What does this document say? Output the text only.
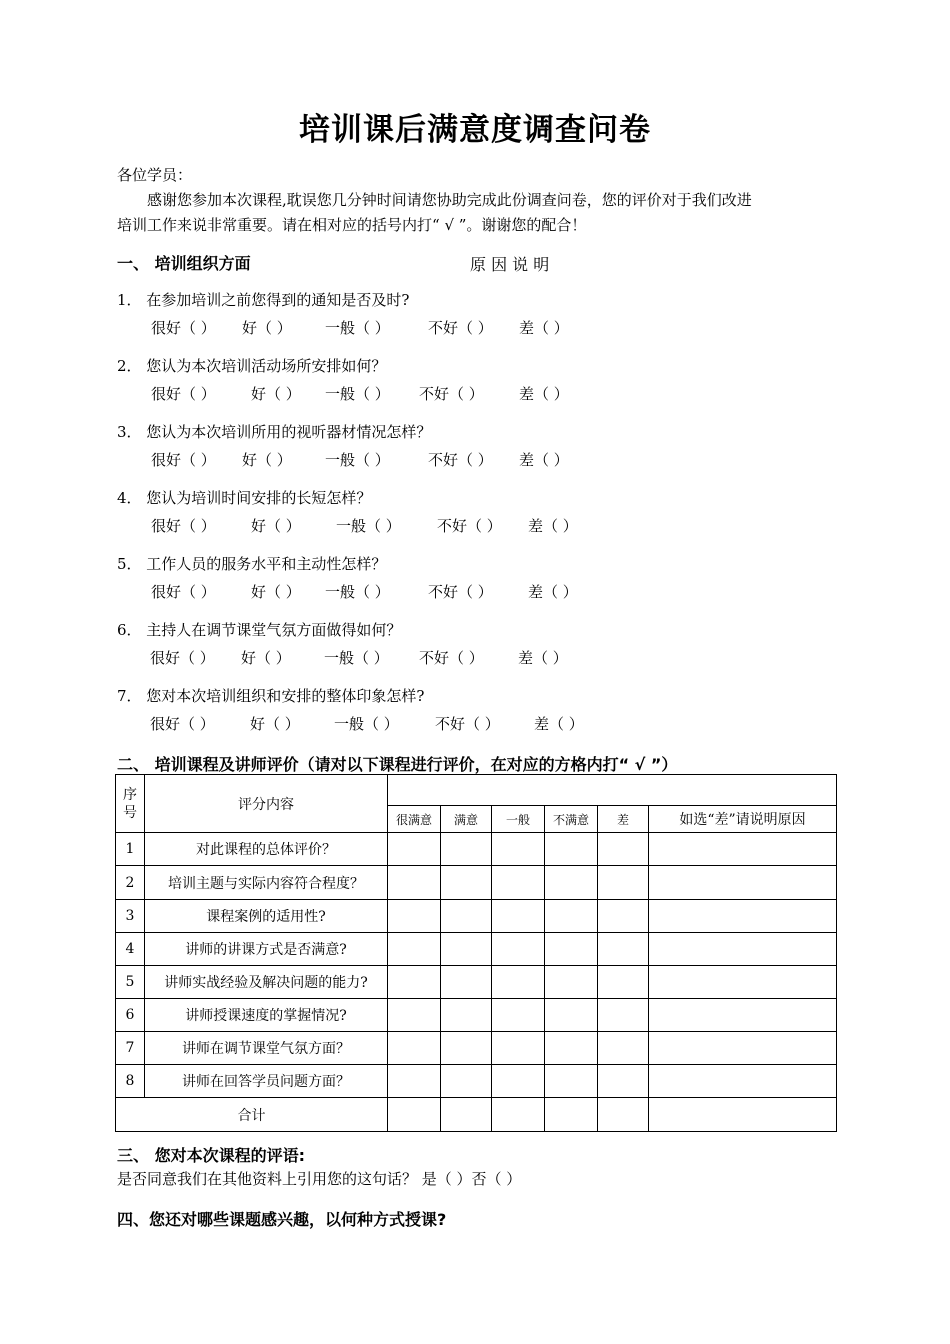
培训课后满意度调查问卷
各位学员：
感谢您参加本次课程,耽误您几分钟时间请您协助完成此份调查问卷，您的评价对于我们改进
培训工作来说非常重要。请在相对应的括号内打“ √ ”。谢谢您的配合！
一、 培训组织方面	原 因 说 明
1． 在参加培训之前您得到的通知是否及时?
很好（ ） 好（ ） 一般（ ）	不好（ ） 差（ ）
2． 您认为本次培训活动场所安排如何？
很好（ ） 好（ ） 一般（ ） 不好（ ） 差（ ）
3． 您认为本次培训所用的视听器材情况怎样？
很好（ ） 好（ ） 一般（ ）	不好（ ） 差（ ）
4． 您认为培训时间安排的长短怎样？
很好（ ） 好（ ） 一般（ ） 不好（ ） 差（ ）
5． 工作人员的服务水平和主动性怎样？
很好（ ） 好（ ） 一般（ ）	不好（ ） 差（ ）
6． 主持人在调节课堂气氛方面做得如何？
很好（ ） 好（ ） 一般（ ） 不好（ ） 差（ ）
7． 您对本次培训组织和安排的整体印象怎样?
很好（ ） 好（ ） 一般（ ） 不好（ ） 差（ ）
二、 培训课程及讲师评价（请对以下课程进行评价，在对应的方格内打“ √ ”）
序号	评分内容						
		很满意	满意	一般	不满意	差	如选“差”请说明原因
1	对此课程的总体评价？						
2	培训主题与实际内容符合程度？						
3	课程案例的适用性?						
4	讲师的讲课方式是否满意?						
5	讲师实战经验及解决问题的能力?						
6	讲师授课速度的掌握情况?						
7	讲师在调节课堂气氛方面？						
8	讲师在回答学员问题方面？						
合计							
三、 您对本次课程的评语:
是否同意我们在其他资料上引用您的这句话？ 是（ ）否（ ）
四、您还对哪些课题感兴趣，以何种方式授课?
